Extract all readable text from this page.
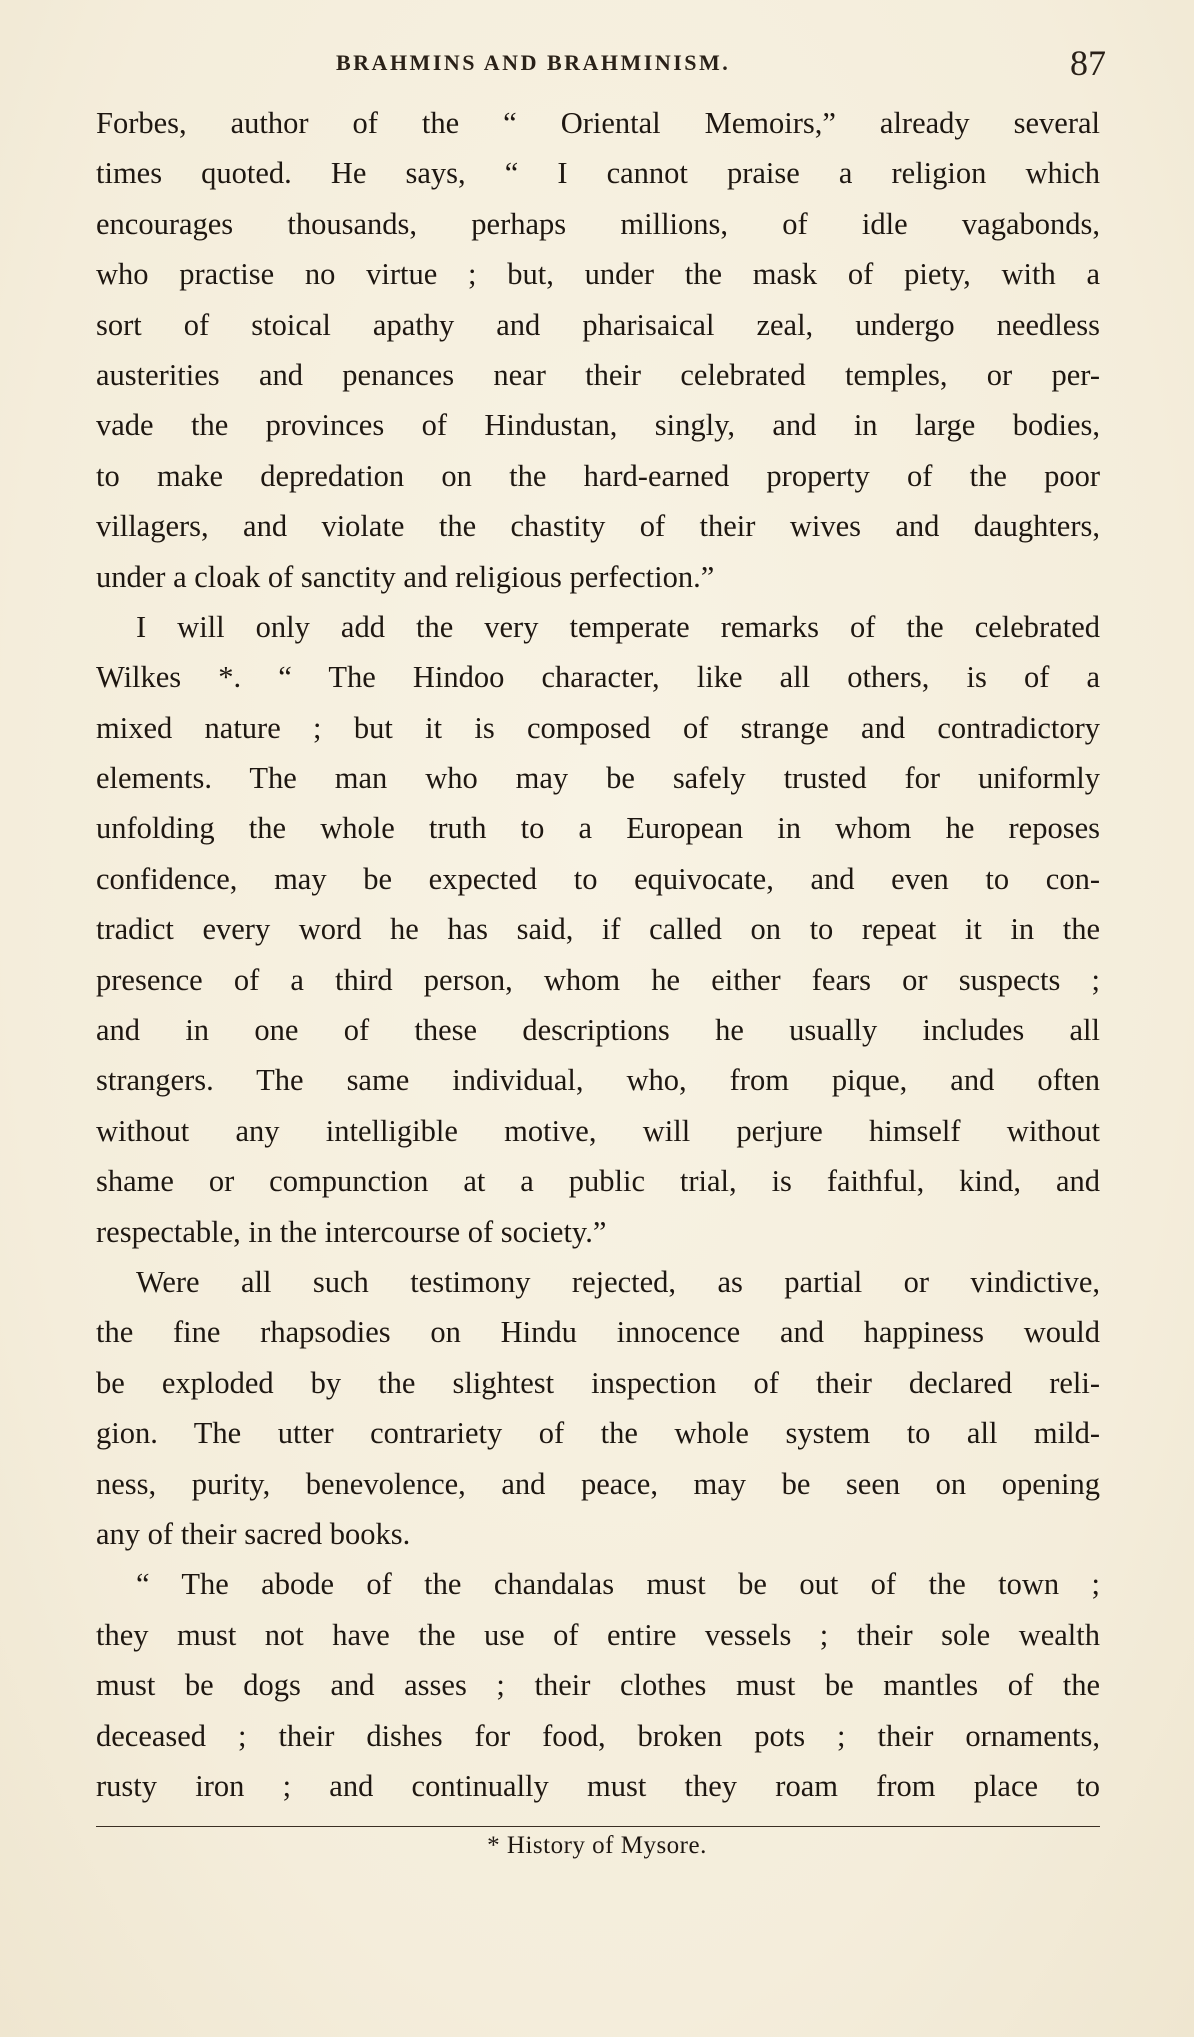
BRAHMINS AND BRAHMINISM.	87
Forbes, author of the “ Oriental Memoirs,” already several
times quoted. He says, “ I cannot praise a religion which
encourages thousands, perhaps millions, of idle vagabonds,
who practise no virtue ; but, under the mask of piety, with a
sort of stoical apathy and pharisaical zeal, undergo needless
austerities and penances near their celebrated temples, or per-
vade the provinces of Hindustan, singly, and in large bodies,
to make depredation on the hard-earned property of the poor
villagers, and violate the chastity of their wives and daughters,
under a cloak of sanctity and religious perfection.”
I will only add the very temperate remarks of the celebrated
Wilkes *. “ The Hindoo character, like all others, is of a
mixed nature ; but it is composed of strange and contradictory
elements. The man who may be safely trusted for uniformly
unfolding the whole truth to a European in whom he reposes
confidence, may be expected to equivocate, and even to con-
tradict every word he has said, if called on to repeat it in the
presence of a third person, whom he either fears or suspects ;
and in one of these descriptions he usually includes all
strangers. The same individual, who, from pique, and often
without any intelligible motive, will perjure himself without
shame or compunction at a public trial, is faithful, kind, and
respectable, in the intercourse of society.”
Were all such testimony rejected, as partial or vindictive,
the fine rhapsodies on Hindu innocence and happiness would
be exploded by the slightest inspection of their declared reli-
gion. The utter contrariety of the whole system to all mild-
ness, purity, benevolence, and peace, may be seen on opening
any of their sacred books.
“ The abode of the chandalas must be out of the town ;
they must not have the use of entire vessels ; their sole wealth
must be dogs and asses ; their clothes must be mantles of the
deceased ; their dishes for food, broken pots ; their ornaments,
rusty iron ; and continually must they roam from place to
* History of Mysore.
